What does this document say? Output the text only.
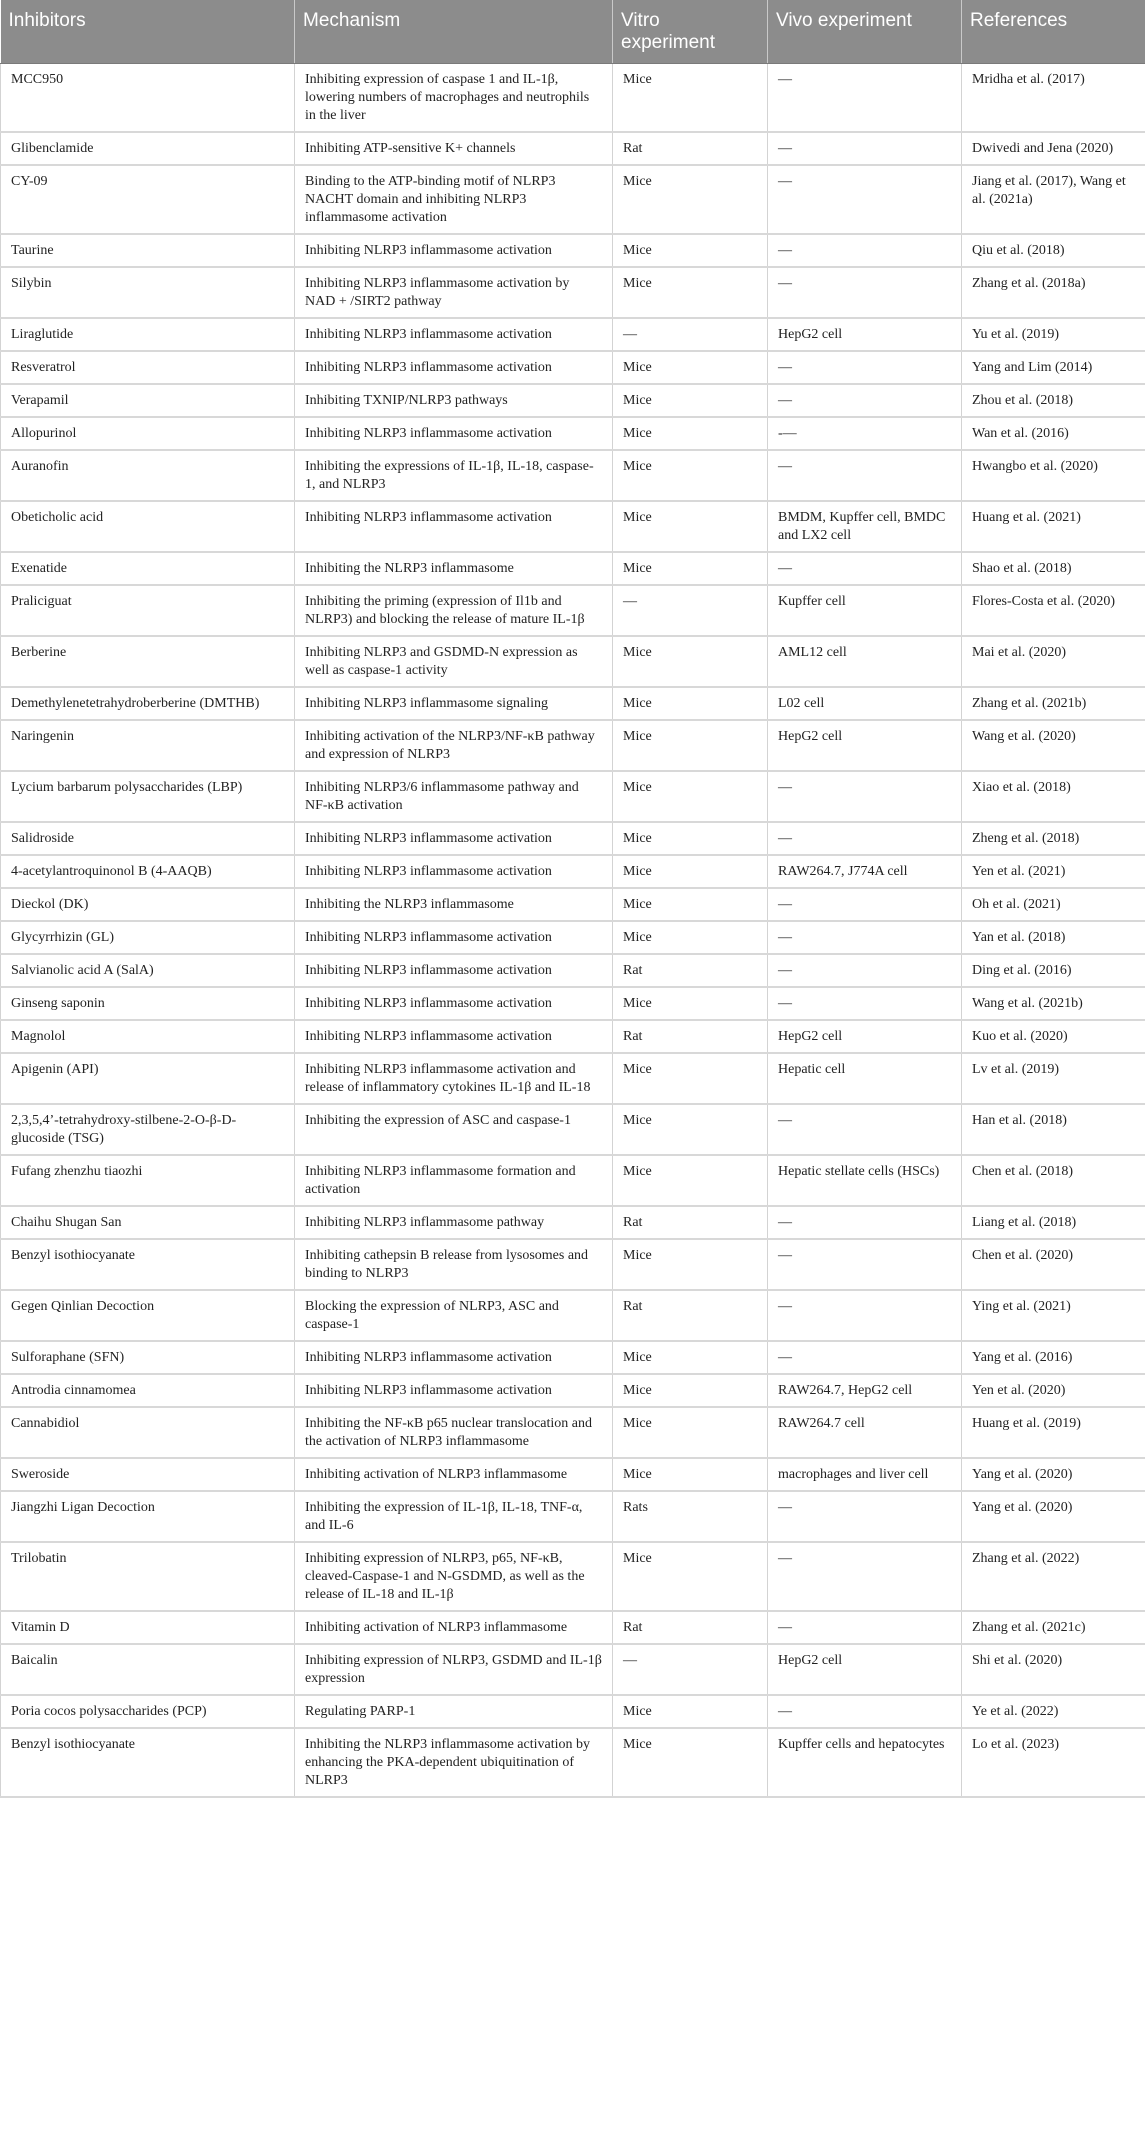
Inhibitors	Mechanism	Vitro experiment	Vivo experiment	References
MCC950	Inhibiting expression of caspase 1 and IL-1β, lowering numbers of macrophages and neutrophils in the liver	Mice	—	Mridha et al. (2017)
Glibenclamide	Inhibiting ATP-sensitive K+ channels	Rat	—	Dwivedi and Jena (2020)
CY-09	Binding to the ATP-binding motif of NLRP3 NACHT domain and inhibiting NLRP3 inflammasome activation	Mice	—	Jiang et al. (2017), Wang et al. (2021a)
Taurine	Inhibiting NLRP3 inflammasome activation	Mice	—	Qiu et al. (2018)
Silybin	Inhibiting NLRP3 inflammasome activation by NAD + /SIRT2 pathway	Mice	—	Zhang et al. (2018a)
Liraglutide	Inhibiting NLRP3 inflammasome activation	—	HepG2 cell	Yu et al. (2019)
Resveratrol	Inhibiting NLRP3 inflammasome activation	Mice	—	Yang and Lim (2014)
Verapamil	Inhibiting TXNIP/NLRP3 pathways	Mice	—	Zhou et al. (2018)
Allopurinol	Inhibiting NLRP3 inflammasome activation	Mice	-—	Wan et al. (2016)
Auranofin	Inhibiting the expressions of IL-1β, IL-18, caspase-1, and NLRP3	Mice	—	Hwangbo et al. (2020)
Obeticholic acid	Inhibiting NLRP3 inflammasome activation	Mice	BMDM, Kupffer cell, BMDC and LX2 cell	Huang et al. (2021)
Exenatide	Inhibiting the NLRP3 inflammasome	Mice	—	Shao et al. (2018)
Praliciguat	Inhibiting the priming (expression of Il1b and NLRP3) and blocking the release of mature IL-1β	—	Kupffer cell	Flores-Costa et al. (2020)
Berberine	Inhibiting NLRP3 and GSDMD-N expression as well as caspase-1 activity	Mice	AML12 cell	Mai et al. (2020)
Demethylenetetrahydroberberine (DMTHB)	Inhibiting NLRP3 inflammasome signaling	Mice	L02 cell	Zhang et al. (2021b)
Naringenin	Inhibiting activation of the NLRP3/NF-κB pathway and expression of NLRP3	Mice	HepG2 cell	Wang et al. (2020)
Lycium barbarum polysaccharides (LBP)	Inhibiting NLRP3/6 inflammasome pathway and NF-κB activation	Mice	—	Xiao et al. (2018)
Salidroside	Inhibiting NLRP3 inflammasome activation	Mice	—	Zheng et al. (2018)
4-acetylantroquinonol B (4-AAQB)	Inhibiting NLRP3 inflammasome activation	Mice	RAW264.7, J774A cell	Yen et al. (2021)
Dieckol (DK)	Inhibiting the NLRP3 inflammasome	Mice	—	Oh et al. (2021)
Glycyrrhizin (GL)	Inhibiting NLRP3 inflammasome activation	Mice	—	Yan et al. (2018)
Salvianolic acid A (SalA)	Inhibiting NLRP3 inflammasome activation	Rat	—	Ding et al. (2016)
Ginseng saponin	Inhibiting NLRP3 inflammasome activation	Mice	—	Wang et al. (2021b)
Magnolol	Inhibiting NLRP3 inflammasome activation	Rat	HepG2 cell	Kuo et al. (2020)
Apigenin (API)	Inhibiting NLRP3 inflammasome activation and release of inflammatory cytokines IL-1β and IL-18	Mice	Hepatic cell	Lv et al. (2019)
2,3,5,4’-tetrahydroxy-stilbene-2-O-β-D-glucoside (TSG)	Inhibiting the expression of ASC and caspase-1	Mice	—	Han et al. (2018)
Fufang zhenzhu tiaozhi	Inhibiting NLRP3 inflammasome formation and activation	Mice	Hepatic stellate cells (HSCs)	Chen et al. (2018)
Chaihu Shugan San	Inhibiting NLRP3 inflammasome pathway	Rat	—	Liang et al. (2018)
Benzyl isothiocyanate	Inhibiting cathepsin B release from lysosomes and binding to NLRP3	Mice	—	Chen et al. (2020)
Gegen Qinlian Decoction	Blocking the expression of NLRP3, ASC and caspase-1	Rat	—	Ying et al. (2021)
Sulforaphane (SFN)	Inhibiting NLRP3 inflammasome activation	Mice	—	Yang et al. (2016)
Antrodia cinnamomea	Inhibiting NLRP3 inflammasome activation	Mice	RAW264.7, HepG2 cell	Yen et al. (2020)
Cannabidiol	Inhibiting the NF-κB p65 nuclear translocation and the activation of NLRP3 inflammasome	Mice	RAW264.7 cell	Huang et al. (2019)
Sweroside	Inhibiting activation of NLRP3 inflammasome	Mice	macrophages and liver cell	Yang et al. (2020)
Jiangzhi Ligan Decoction	Inhibiting the expression of IL-1β, IL-18, TNF-α, and IL-6	Rats	—	Yang et al. (2020)
Trilobatin	Inhibiting expression of NLRP3, p65, NF-κB, cleaved-Caspase-1 and N-GSDMD, as well as the release of IL-18 and IL-1β	Mice	—	Zhang et al. (2022)
Vitamin D	Inhibiting activation of NLRP3 inflammasome	Rat	—	Zhang et al. (2021c)
Baicalin	Inhibiting expression of NLRP3, GSDMD and IL-1β expression	—	HepG2 cell	Shi et al. (2020)
Poria cocos polysaccharides (PCP)	Regulating PARP-1	Mice	—	Ye et al. (2022)
Benzyl isothiocyanate	Inhibiting the NLRP3 inflammasome activation by enhancing the PKA-dependent ubiquitination of NLRP3	Mice	Kupffer cells and hepatocytes	Lo et al. (2023)
